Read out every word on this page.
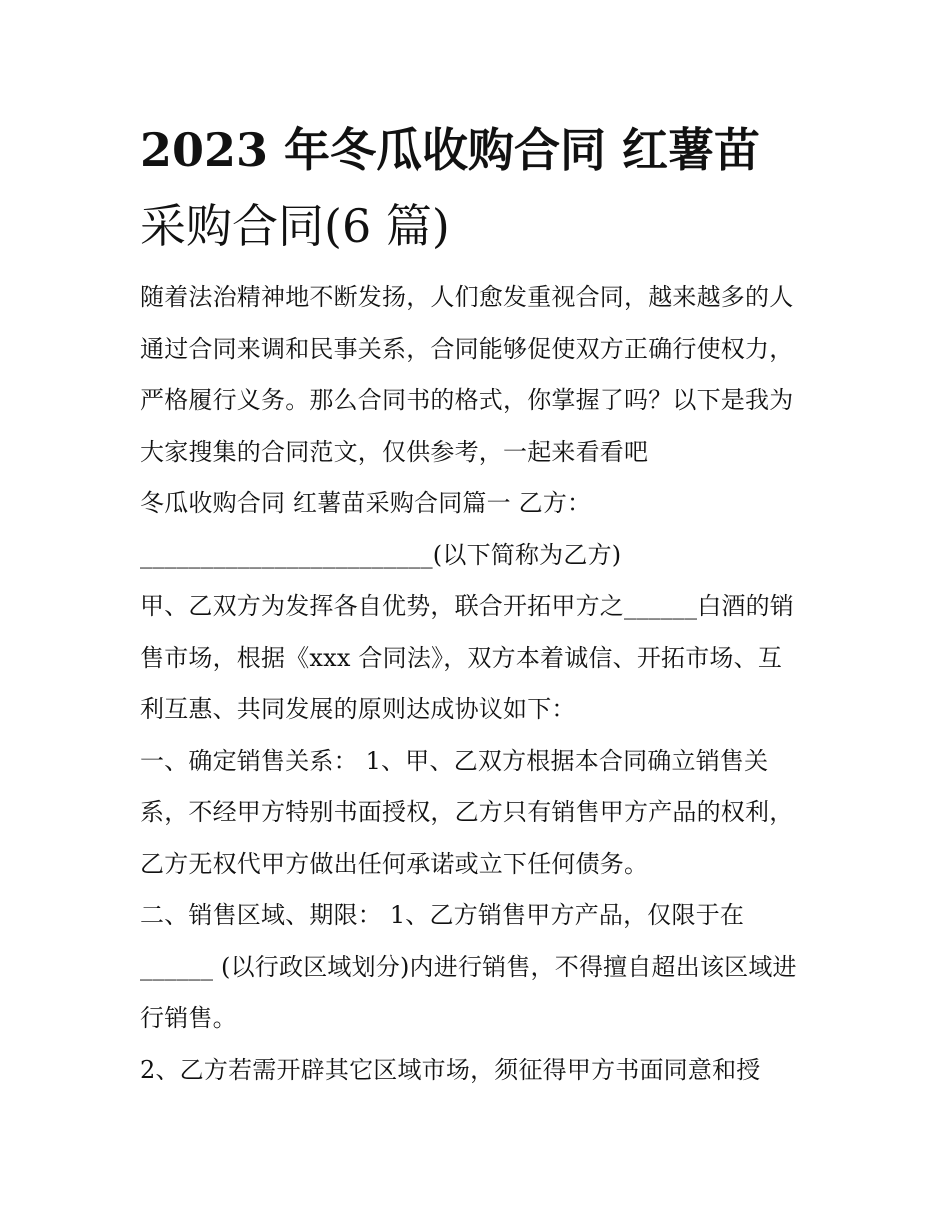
2023 年冬瓜收购合同 红薯苗
采购合同(6 篇)
随着法治精神地不断发扬，人们愈发重视合同，越来越多的人
通过合同来调和民事关系，合同能够促使双方正确行使权力，
严格履行义务。那么合同书的格式，你掌握了吗？以下是我为
大家搜集的合同范文，仅供参考，一起来看看吧
冬瓜收购合同 红薯苗采购合同篇一 乙方：
________________________(以下简称为乙方)
甲、乙双方为发挥各自优势，联合开拓甲方之______白酒的销
售市场，根据《xxx 合同法》，双方本着诚信、开拓市场、互
利互惠、共同发展的原则达成协议如下：
一、确定销售关系： 1、甲、乙双方根据本合同确立销售关
系，不经甲方特别书面授权，乙方只有销售甲方产品的权利，
乙方无权代甲方做出任何承诺或立下任何债务。
二、销售区域、期限： 1、乙方销售甲方产品，仅限于在
______ (以行政区域划分)内进行销售，不得擅自超出该区域进
行销售。
2、乙方若需开辟其它区域市场，须征得甲方书面同意和授
